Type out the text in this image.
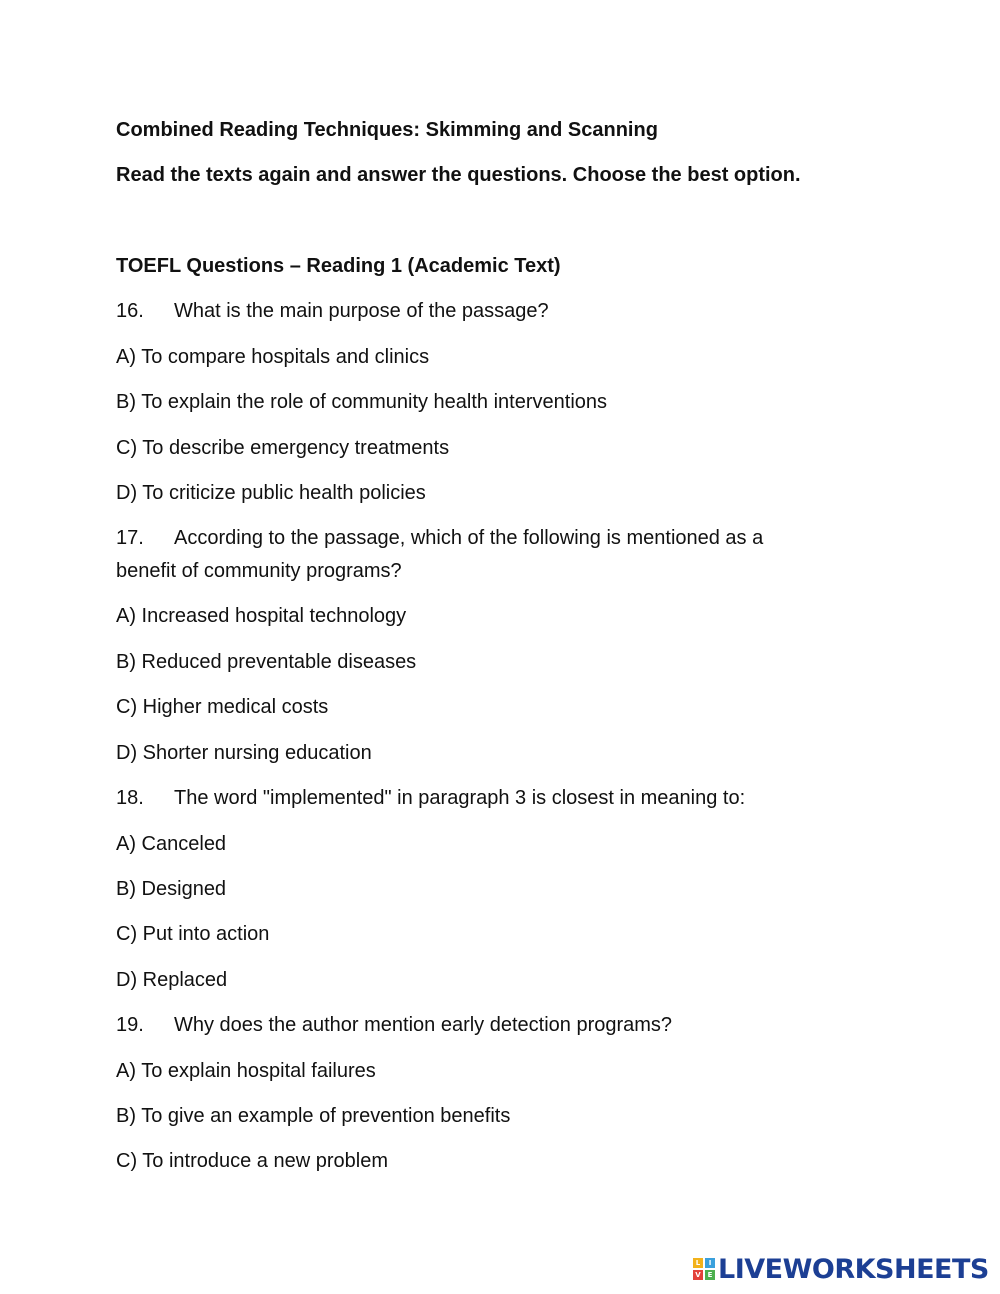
Combined Reading Techniques: Skimming and Scanning
Read the texts again and answer the questions. Choose the best option.
TOEFL Questions – Reading 1 (Academic Text)
16. What is the main purpose of the passage?
A) To compare hospitals and clinics
B) To explain the role of community health interventions
C) To describe emergency treatments
D) To criticize public health policies
17. According to the passage, which of the following is mentioned as a benefit of community programs?
A) Increased hospital technology
B) Reduced preventable diseases
C) Higher medical costs
D) Shorter nursing education
18. The word "implemented" in paragraph 3 is closest in meaning to:
A) Canceled
B) Designed
C) Put into action
D) Replaced
19. Why does the author mention early detection programs?
A) To explain hospital failures
B) To give an example of prevention benefits
C) To introduce a new problem
L	I
V E LIVEWORKSHEETS
